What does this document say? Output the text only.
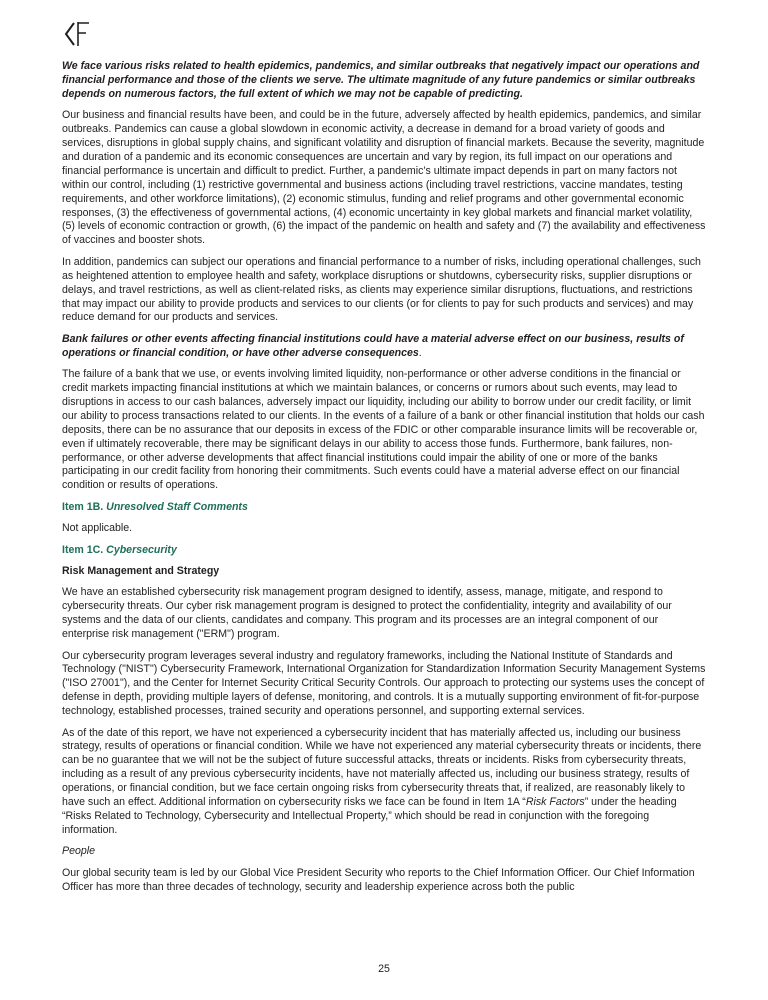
We face various risks related to health epidemics, pandemics, and similar outbreaks that negatively impact our operations and financial performance and those of the clients we serve. The ultimate magnitude of any future pandemics or similar outbreaks depends on numerous factors, the full extent of which we may not be capable of predicting.

Our business and financial results have been, and could be in the future, adversely affected by health epidemics, pandemics, and similar outbreaks. Pandemics can cause a global slowdown in economic activity, a decrease in demand for a broad variety of goods and services, disruptions in global supply chains, and significant volatility and disruption of financial markets. Because the severity, magnitude and duration of a pandemic and its economic consequences are uncertain and vary by region, its full impact on our operations and financial performance is uncertain and difficult to predict. Further, a pandemic’s ultimate impact depends in part on many factors not within our control, including (1) restrictive governmental and business actions (including travel restrictions, vaccine mandates, testing requirements, and other workforce limitations), (2) economic stimulus, funding and relief programs and other governmental economic responses, (3) the effectiveness of governmental actions, (4) economic uncertainty in key global markets and financial market volatility, (5) levels of economic contraction or growth, (6) the impact of the pandemic on health and safety and (7) the availability and effectiveness of vaccines and booster shots.

In addition, pandemics can subject our operations and financial performance to a number of risks, including operational challenges, such as heightened attention to employee health and safety, workplace disruptions or shutdowns, cybersecurity risks, supplier disruptions or delays, and travel restrictions, as well as client-related risks, as clients may experience similar disruptions, fluctuations, and restrictions that may impact our ability to provide products and services to our clients (or for clients to pay for such products and services) and may reduce demand for our products and services.

Bank failures or other events affecting financial institutions could have a material adverse effect on our business, results of operations or financial condition, or have other adverse consequences.

The failure of a bank that we use, or events involving limited liquidity, non-performance or other adverse conditions in the financial or credit markets impacting financial institutions at which we maintain balances, or concerns or rumors about such events, may lead to disruptions in access to our cash balances, adversely impact our liquidity, including our ability to borrow under our credit facility, or limit our ability to process transactions related to our clients. In the events of a failure of a bank or other financial institution that holds our cash deposits, there can be no assurance that our deposits in excess of the FDIC or other comparable insurance limits will be recoverable or, even if ultimately recoverable, there may be significant delays in our ability to access those funds. Furthermore, bank failures, non-performance, or other adverse developments that affect financial institutions could impair the ability of one or more of the banks participating in our credit facility from honoring their commitments. Such events could have a material adverse effect on our financial condition or results of operations.

Item 1B. Unresolved Staff Comments

Not applicable.

Item 1C. Cybersecurity

Risk Management and Strategy

We have an established cybersecurity risk management program designed to identify, assess, manage, mitigate, and respond to cybersecurity threats. Our cyber risk management program is designed to protect the confidentiality, integrity and availability of our systems and the data of our clients, candidates and company. This program and its processes are an integral component of our enterprise risk management ("ERM") program.

Our cybersecurity program leverages several industry and regulatory frameworks, including the National Institute of Standards and Technology ("NIST") Cybersecurity Framework, International Organization for Standardization Information Security Management Systems ("ISO 27001"), and the Center for Internet Security Critical Security Controls. Our approach to protecting our systems uses the concept of defense in depth, providing multiple layers of defense, monitoring, and controls. It is a mutually supporting environment of fit-for-purpose technology, established processes, trained security and operations personnel, and supporting external services.

As of the date of this report, we have not experienced a cybersecurity incident that has materially affected us, including our business strategy, results of operations or financial condition. While we have not experienced any material cybersecurity threats or incidents, there can be no guarantee that we will not be the subject of future successful attacks, threats or incidents. Risks from cybersecurity threats, including as a result of any previous cybersecurity incidents, have not materially affected us, including our business strategy, results of operations, or financial condition, but we face certain ongoing risks from cybersecurity threats that, if realized, are reasonably likely to have such an effect. Additional information on cybersecurity risks we face can be found in Item 1A “Risk Factors” under the heading “Risks Related to Technology, Cybersecurity and Intellectual Property,” which should be read in conjunction with the foregoing information.

People

Our global security team is led by our Global Vice President Security who reports to the Chief Information Officer. Our Chief Information Officer has more than three decades of technology, security and leadership experience across both the public

25
